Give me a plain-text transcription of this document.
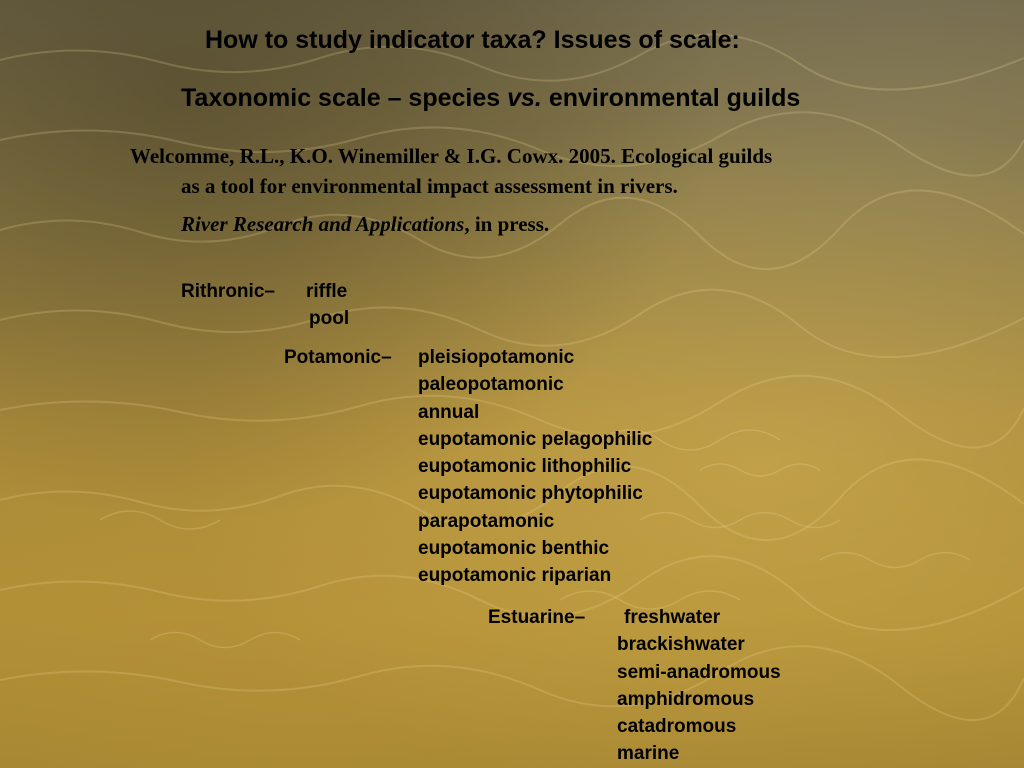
How to study indicator taxa? Issues of scale:
Taxonomic scale – species vs. environmental guilds

Welcomme, R.L., K.O. Winemiller & I.G. Cowx. 2005. Ecological guilds

as a tool for environmental impact assessment in rivers.

River Research and Applications, in press.

Rithronic– riffle
pool
Potamonic– pleisiopotamonic
paleopotamonic
annual
eupotamonic pelagophilic
eupotamonic lithophilic
eupotamonic phytophilic
parapotamonic
eupotamonic benthic
eupotamonic riparian
Estuarine–	freshwater
brackishwater
semi-anadromous
amphidromous
catadromous
marine
